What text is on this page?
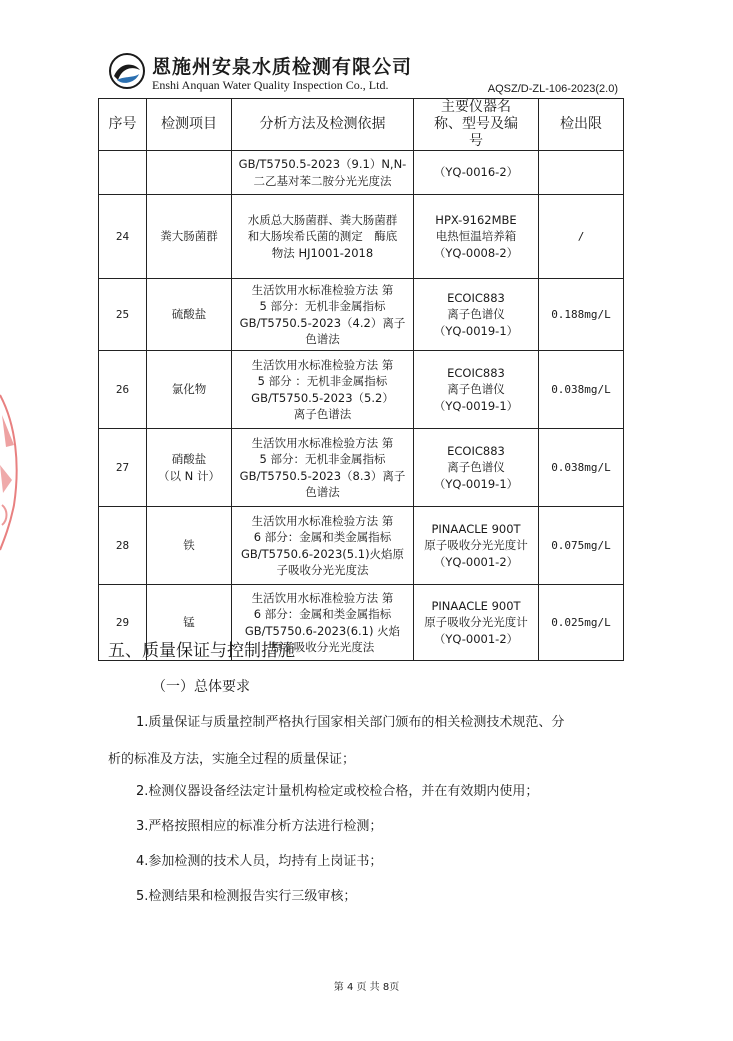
恩施州安泉水质检测有限公司
Enshi Anquan Water Quality Inspection Co., Ltd.	AQSZ/D-ZL-106-2023(2.0)
序号	检测项目	分析方法及检测依据	主要仪器名称、型号及编号	检出限

		GB/T5750.5-2023（9.1）N,N-
二乙基对苯二胺分光光度法	（YQ-0016-2）	

24	粪大肠菌群	水质总大肠菌群、粪大肠菌群
和大肠埃希氏菌的测定　酶底
物法 HJ1001-2018	HPX-9162MBE
电热恒温培养箱
（YQ-0008-2）	/
25	硫酸盐	生活饮用水标准检验方法 第
5 部分：无机非金属指标
GB/T5750.5-2023（4.2）离子
色谱法	ECOIC883
离子色谱仪
（YQ-0019-1）	0.188mg/L
26	氯化物	生活饮用水标准检验方法 第
5 部分 ：无机非金属指标
GB/T5750.5-2023（5.2）
离子色谱法	ECOIC883
离子色谱仪
（YQ-0019-1）	0.038mg/L
27	硝酸盐
（以 N 计）	生活饮用水标准检验方法 第
5 部分：无机非金属指标
GB/T5750.5-2023（8.3）离子
色谱法	ECOIC883
离子色谱仪
（YQ-0019-1）	0.038mg/L
28	铁	生活饮用水标准检验方法 第
6 部分：金属和类金属指标
GB/T5750.6-2023(5.1)火焰原
子吸收分光光度法	PINAACLE 900T
原子吸收分光光度计
（YQ-0001-2）	0.075mg/L
29	锰	生活饮用水标准检验方法 第
6 部分：金属和类金属指标
GB/T5750.6-2023(6.1) 火焰
原子吸收分光光度法	PINAACLE 900T
原子吸收分光光度计
（YQ-0001-2）	0.025mg/L
五、质量保证与控制措施
（一）总体要求
1.质量保证与质量控制严格执行国家相关部门颁布的相关检测技术规范、分
析的标准及方法，实施全过程的质量保证；
2.检测仪器设备经法定计量机构检定或校检合格，并在有效期内使用；
3.严格按照相应的标准分析方法进行检测；
4.参加检测的技术人员，均持有上岗证书；
5.检测结果和检测报告实行三级审核；
第 4 页 共 8页
